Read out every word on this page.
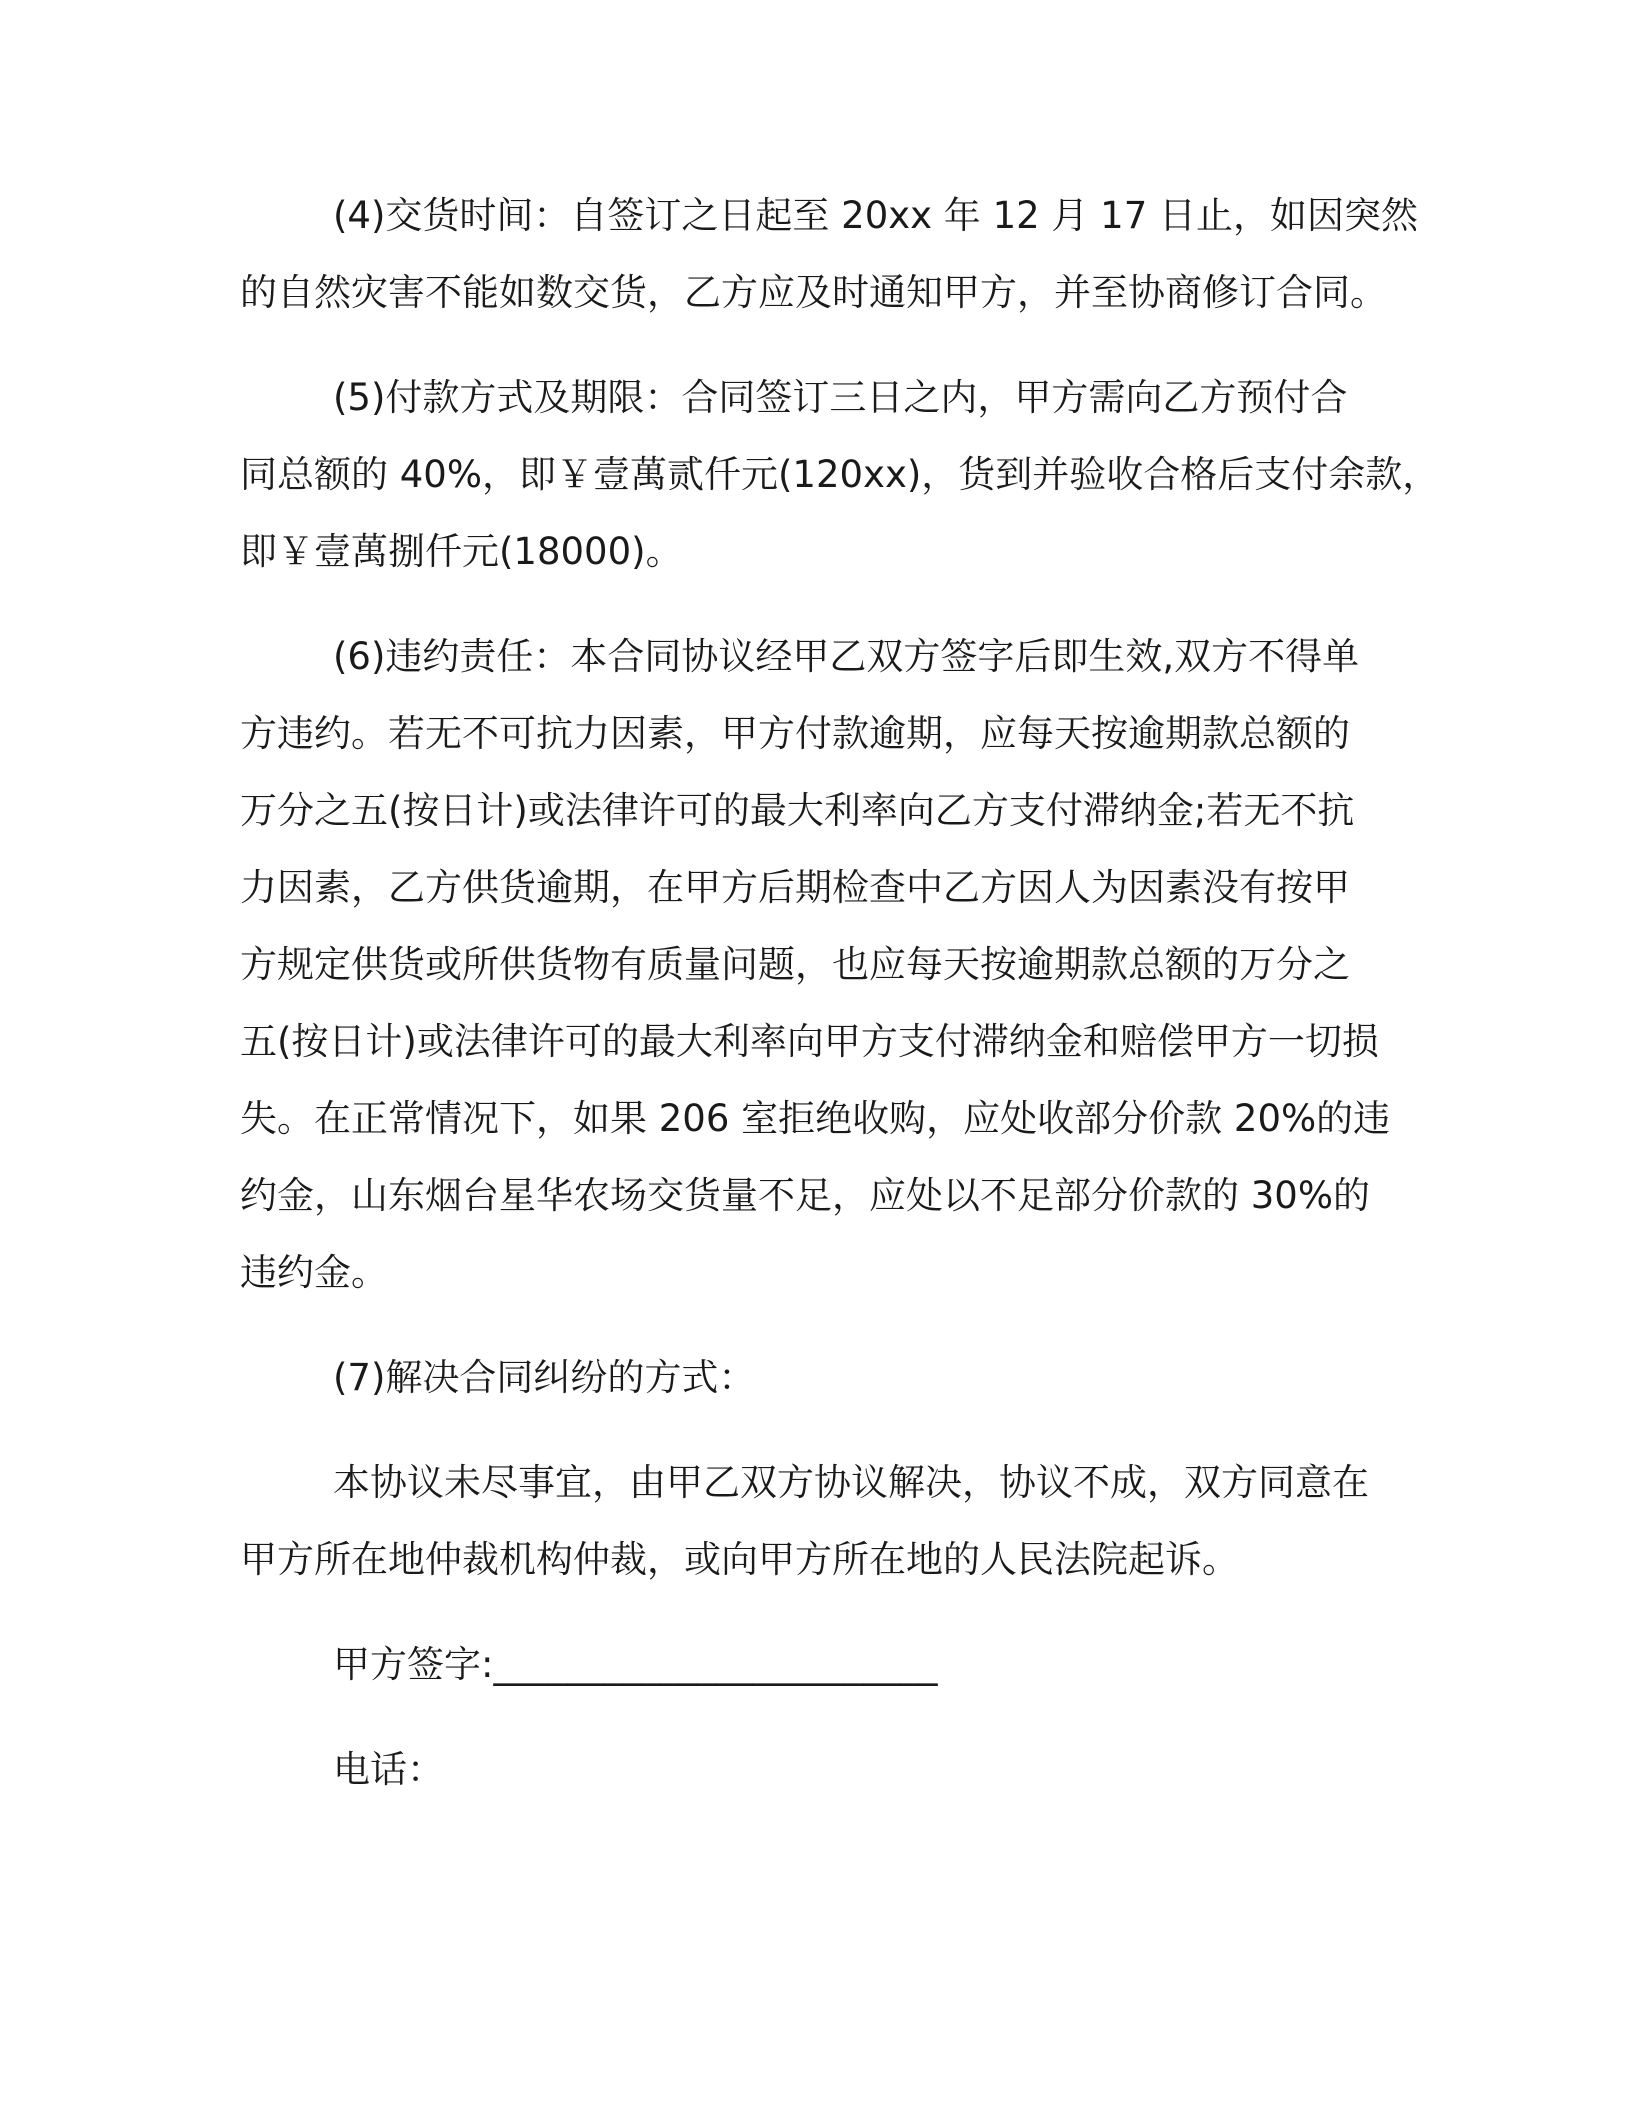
(4)交货时间：自签订之日起至 20xx 年 12 月 17 日止，如因突然
的自然灾害不能如数交货，乙方应及时通知甲方，并至协商修订合同。
(5)付款方式及期限：合同签订三日之内，甲方需向乙方预付合
同总额的 40%，即￥壹萬贰仟元(120xx)，货到并验收合格后支付余款，
即￥壹萬捌仟元(18000)。
(6)违约责任：本合同协议经甲乙双方签字后即生效,双方不得单
方违约。若无不可抗力因素，甲方付款逾期，应每天按逾期款总额的
万分之五(按日计)或法律许可的最大利率向乙方支付滞纳金;若无不抗
力因素，乙方供货逾期，在甲方后期检查中乙方因人为因素没有按甲
方规定供货或所供货物有质量问题，也应每天按逾期款总额的万分之
五(按日计)或法律许可的最大利率向甲方支付滞纳金和赔偿甲方一切损
失。在正常情况下，如果 206 室拒绝收购，应处收部分价款 20%的违
约金，山东烟台星华农场交货量不足，应处以不足部分价款的 30%的
违约金。
(7)解决合同纠纷的方式：
本协议未尽事宜，由甲乙双方协议解决，协议不成，双方同意在
甲方所在地仲裁机构仲裁，或向甲方所在地的人民法院起诉。
甲方签字:________________________
电话：
